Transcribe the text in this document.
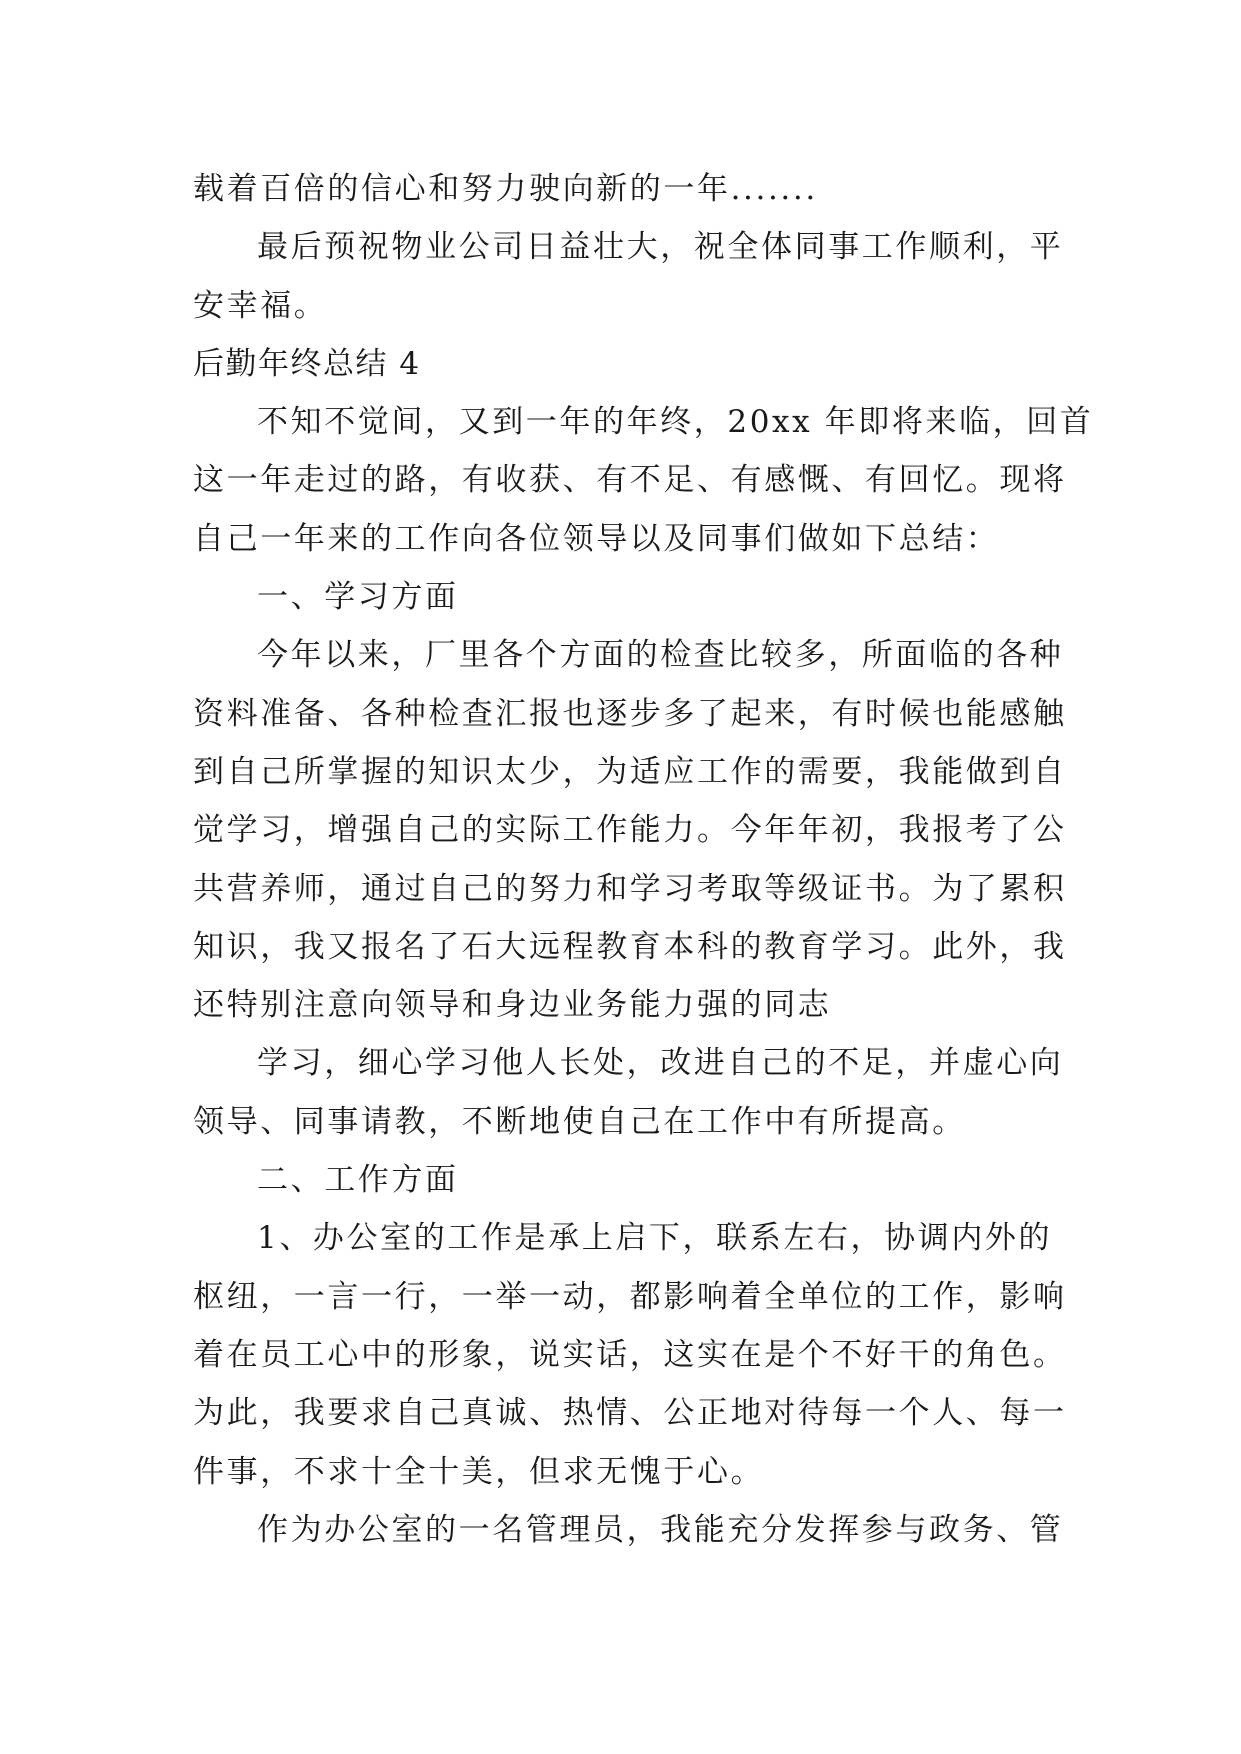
载着百倍的信心和努力驶向新的一年.......
最后预祝物业公司日益壮大，祝全体同事工作顺利，平
安幸福。
后勤年终总结 4
不知不觉间，又到一年的年终，20xx 年即将来临，回首
这一年走过的路，有收获、有不足、有感慨、有回忆。现将
自己一年来的工作向各位领导以及同事们做如下总结：
一、学习方面
今年以来，厂里各个方面的检查比较多，所面临的各种
资料准备、各种检查汇报也逐步多了起来，有时候也能感触
到自己所掌握的知识太少，为适应工作的需要，我能做到自
觉学习，增强自己的实际工作能力。今年年初，我报考了公
共营养师，通过自己的努力和学习考取等级证书。为了累积
知识，我又报名了石大远程教育本科的教育学习。此外，我
还特别注意向领导和身边业务能力强的同志
学习，细心学习他人长处，改进自己的不足，并虚心向
领导、同事请教，不断地使自己在工作中有所提高。
二、工作方面
1、办公室的工作是承上启下，联系左右，协调内外的
枢纽，一言一行，一举一动，都影响着全单位的工作，影响
着在员工心中的形象，说实话，这实在是个不好干的角色。
为此，我要求自己真诚、热情、公正地对待每一个人、每一
件事，不求十全十美，但求无愧于心。
作为办公室的一名管理员，我能充分发挥参与政务、管
